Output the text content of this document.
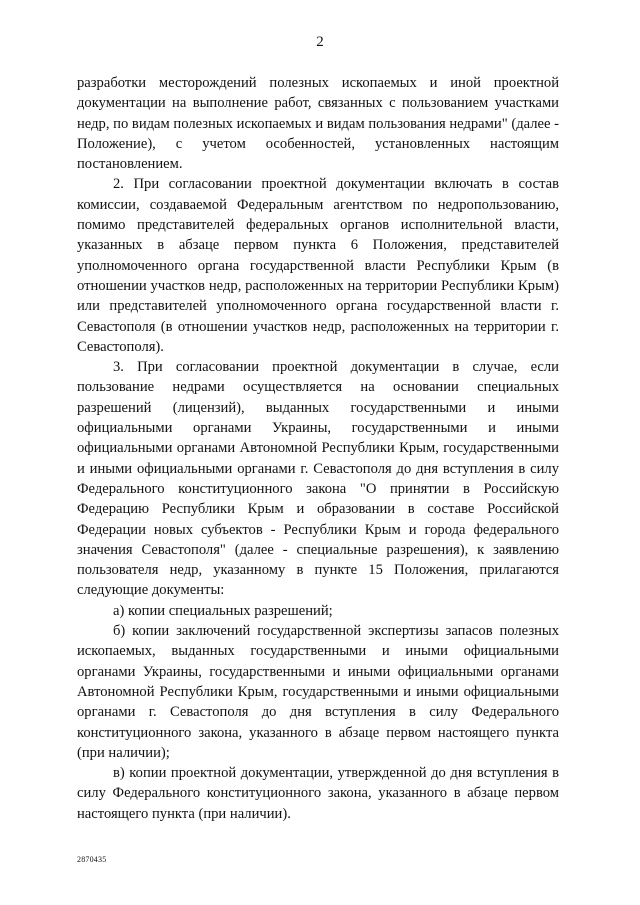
2

разработки месторождений полезных ископаемых и иной проектной документации на выполнение работ, связанных с пользованием участками недр, по видам полезных ископаемых и видам пользования недрами" (далее - Положение), с учетом особенностей, установленных настоящим постановлением.

2. При согласовании проектной документации включать в состав комиссии, создаваемой Федеральным агентством по недропользованию, помимо представителей федеральных органов исполнительной власти, указанных в абзаце первом пункта 6 Положения, представителей уполномоченного органа государственной власти Республики Крым (в отношении участков недр, расположенных на территории Республики Крым) или представителей уполномоченного органа государственной власти г. Севастополя (в отношении участков недр, расположенных на территории г. Севастополя).

3. При согласовании проектной документации в случае, если пользование недрами осуществляется на основании специальных разрешений (лицензий), выданных государственными и иными официальными органами Украины, государственными и иными официальными органами Автономной Республики Крым, государственными и иными официальными органами г. Севастополя до дня вступления в силу Федерального конституционного закона "О принятии в Российскую Федерацию Республики Крым и образовании в составе Российской Федерации новых субъектов - Республики Крым и города федерального значения Севастополя" (далее - специальные разрешения), к заявлению пользователя недр, указанному в пункте 15 Положения, прилагаются следующие документы:

а) копии специальных разрешений;

б) копии заключений государственной экспертизы запасов полезных ископаемых, выданных государственными и иными официальными органами Украины, государственными и иными официальными органами Автономной Республики Крым, государственными и иными официальными органами г. Севастополя до дня вступления в силу Федерального конституционного закона, указанного в абзаце первом настоящего пункта (при наличии);

в) копии проектной документации, утвержденной до дня вступления в силу Федерального конституционного закона, указанного в абзаце первом настоящего пункта (при наличии).

2870435
